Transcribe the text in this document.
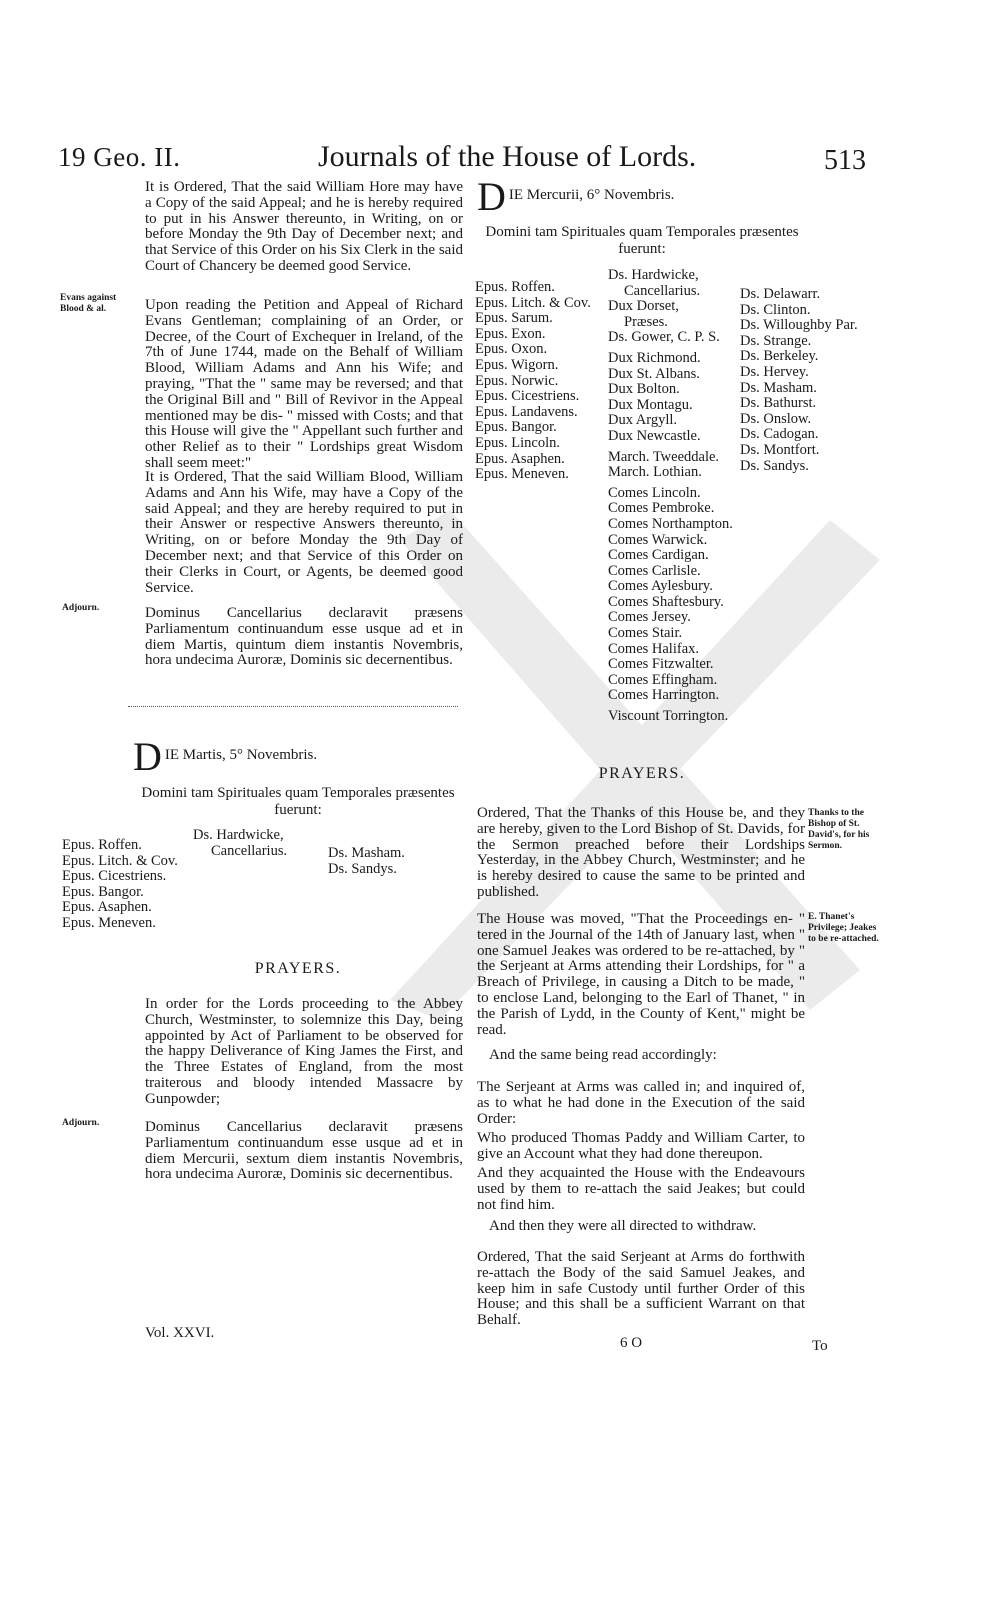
19 Geo. II.	Journals of the House of Lords.	513

It is Ordered, That the said William Hore may have a Copy of the said Appeal; and he is hereby required to put in his Answer thereunto, in Writing, on or before Monday the 9th Day of December next; and that Service of this Order on his Six Clerk in the said Court of Chancery be deemed good Service.

Evans against Blood & al.	Upon reading the Petition and Appeal of Richard Evans Gentleman; complaining of an Order, or Decree, of the Court of Exchequer in Ireland, of the 7th of June 1744, made on the Behalf of William Blood, William Adams and Ann his Wife; and praying, "That the " same may be reversed; and that the Original Bill and " Bill of Revivor in the Appeal mentioned may be dis- " missed with Costs; and that this House will give the " Appellant such further and other Relief as to their " Lordships great Wisdom shall seem meet:"

It is Ordered, That the said William Blood, William Adams and Ann his Wife, may have a Copy of the said Appeal; and they are hereby required to put in their Answer or respective Answers thereunto, in Writing, on or before Monday the 9th Day of December next; and that Service of this Order on their Clerks in Court, or Agents, be deemed good Service.

Adjourn.	Dominus Cancellarius declaravit præsens Parliamentum continuandum esse usque ad et in diem Martis, quintum diem instantis Novembris, hora undecima Auroræ, Dominis sic decernentibus.

D IE Martis, 5° Novembris.
Domini tam Spirituales quam Temporales præsentes fuerunt:
Epus. Roffen.
Epus. Litch. & Cov.
Epus. Cicestriens.
Epus. Bangor.
Epus. Asaphen.
Epus. Meneven.
Ds. Hardwicke,
Cancellarius.	Ds. Masham.
Ds. Sandys.
PRAYERS.

In order for the Lords proceeding to the Abbey Church, Westminster, to solemnize this Day, being appointed by Act of Parliament to be observed for the happy Deliverance of King James the First, and the Three Estates of England, from the most traiterous and bloody intended Massacre by Gunpowder;

Adjourn.	Dominus Cancellarius declaravit præsens Parliamentum continuandum esse usque ad et in diem Mercurii, sextum diem instantis Novembris, hora undecima Auroræ, Dominis sic decernentibus.

Vol. XXVI.
D IE Mercurii, 6° Novembris.
Domini tam Spirituales quam Temporales præsentes fuerunt:
Epus. Roffen.
Epus. Litch. & Cov.
Epus. Sarum.
Epus. Exon.
Epus. Oxon.
Epus. Wigorn.
Epus. Norwic.
Epus. Cicestriens.
Epus. Landavens.
Epus. Bangor.
Epus. Lincoln.
Epus. Asaphen.
Epus. Meneven.
Ds. Hardwicke,
Cancellarius.
Dux Dorset,
Præses.
Ds. Gower, C. P. S.
Dux Richmond.
Dux St. Albans.
Dux Bolton.
Dux Montagu.
Dux Argyll.
Dux Newcastle.
March. Tweeddale.
March. Lothian.
Comes Lincoln.
Comes Pembroke.
Comes Northampton.
Comes Warwick.
Comes Cardigan.
Comes Carlisle.
Comes Aylesbury.
Comes Shaftesbury.
Comes Jersey.
Comes Stair.
Comes Halifax.
Comes Fitzwalter.
Comes Effingham.
Comes Harrington.
Viscount Torrington.
Ds. Delawarr.
Ds. Clinton.
Ds. Willoughby Par.
Ds. Strange.
Ds. Berkeley.
Ds. Hervey.
Ds. Masham.
Ds. Bathurst.
Ds. Onslow.
Ds. Cadogan.
Ds. Montfort.
Ds. Sandys.
PRAYERS.
Thanks to the Bishop of St. David's, for his Sermon.

Ordered, That the Thanks of this House be, and they are hereby, given to the Lord Bishop of St. Davids, for the Sermon preached before their Lordships Yesterday, in the Abbey Church, Westminster; and he is hereby desired to cause the same to be printed and published.

E. Thanet's Privilege; Jeakes to be re-attached.

The House was moved, "That the Proceedings en- " tered in the Journal of the 14th of January last, when " one Samuel Jeakes was ordered to be re-attached, by " the Serjeant at Arms attending their Lordships, for " a Breach of Privilege, in causing a Ditch to be made, " to enclose Land, belonging to the Earl of Thanet, " in the Parish of Lydd, in the County of Kent," might be read.

And the same being read accordingly:

The Serjeant at Arms was called in; and inquired of, as to what he had done in the Execution of the said Order:

Who produced Thomas Paddy and William Carter, to give an Account what they had done thereupon.

And they acquainted the House with the Endeavours used by them to re-attach the said Jeakes; but could not find him.

And then they were all directed to withdraw.

Ordered, That the said Serjeant at Arms do forthwith re-attach the Body of the said Samuel Jeakes, and keep him in safe Custody until further Order of this House; and this shall be a sufficient Warrant on that Behalf.

6 O	To
